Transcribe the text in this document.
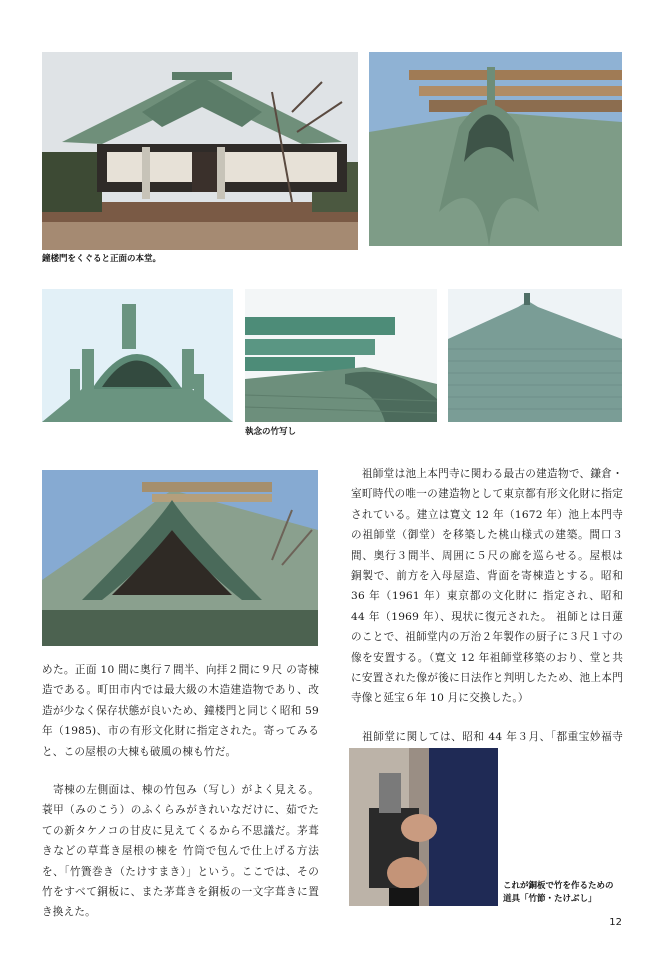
鐘楼門をくぐると正面の本堂。
執念の竹写し

　祖師堂は池上本門寺に関わる最古の建造物で、鎌倉・室町時代の唯一の建造物として東京都有形文化財に指定されている。建立は寛文 12 年（1672 年）池上本門寺の祖師堂（御堂）を移築した桃山様式の建築。間口３間、奥行３間半、周囲に５尺の廊を巡らせる。屋根は 銅製で、前方を入母屋造、背面を寄棟造とする。昭和 36 年（1961 年）東京都の文化財に 指定され、昭和 44 年（1969 年）、現状に復元された。 祖師とは日蓮のことで、祖師堂内の万治２年製作の厨子に３尺１寸の像を安置する。（寛文 12 年祖師堂移築のおり、堂と共に安置された像が後に日法作と判明したため、池上本門寺像と延宝６年 10 月に交換した。）

　祖師堂に関しては、昭和 44 年３月、「都重宝妙福寺

めた。正面 10 間に奥行７間半、向拝２間に９尺 の寄棟造である。町田市内では最大級の木造建造物であり、改造が少なく保存状態が良いため、鐘楼門と同じく昭和 59 年（1985)、市の有形文化財に指定された。寄ってみると、この屋根の大棟も破風の棟も竹だ。

　寄棟の左側面は、棟の竹包み（写し）がよく見える。蓑甲（みのこう）のふくらみがきれいなだけに、茹でたての新タケノコの甘皮に見えてくるから不思議だ。茅葺きなどの草葺き屋根の棟を 竹筒で包んで仕上げる方法を、「竹簀巻き（たけすまき）」という。ここでは、その竹をすべて銅板に、また茅葺きを銅板の一文字葺きに置き換えた。

これが銅板で竹を作るための
道具「竹節・たけぶし」
12
